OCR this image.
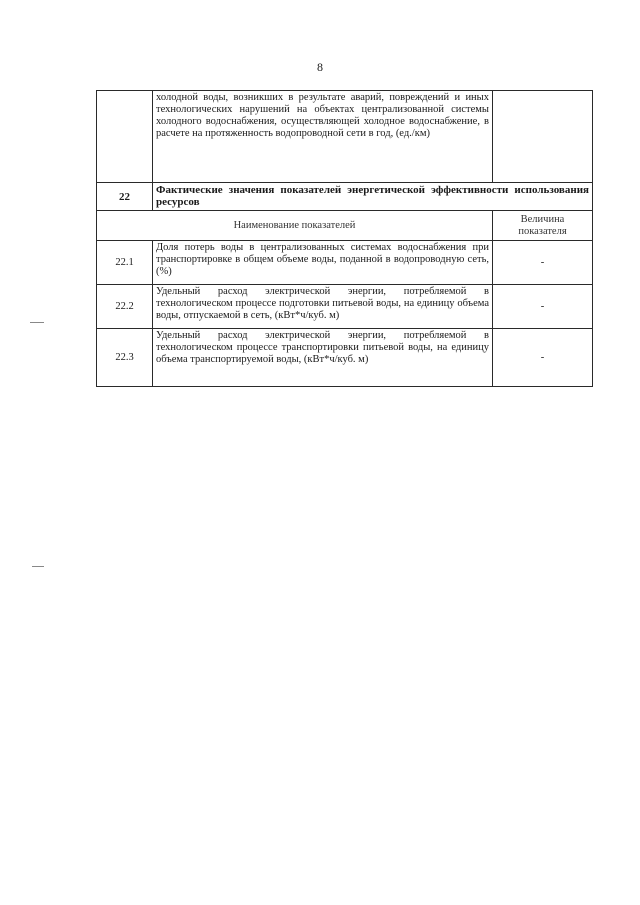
8
	холодной воды, возникших в результате аварий, повреждений и иных технологических нарушений на объектах централизованной системы холодного водоснабжения, осуществляющей холодное водоснабжение, в расчете на протяженность водопроводной сети в год, (ед./км)	
22	Фактические значения показателей энергетической эффективности использования ресурсов	
Наименование показателей		Величина показателя
22.1	Доля потерь воды в централизованных системах водоснабжения при транспортировке в общем объеме воды, поданной в водопроводную сеть, (%)	-
22.2	Удельный расход электрической энергии, потребляемой в технологическом процессе подготовки питьевой воды, на единицу объема воды, отпускаемой в сеть, (кВт*ч/куб. м)	-
22.3	Удельный расход электрической энергии, потребляемой в технологическом процессе транспортировки питьевой воды, на единицу объема транспортируемой воды, (кВт*ч/куб. м)	-
